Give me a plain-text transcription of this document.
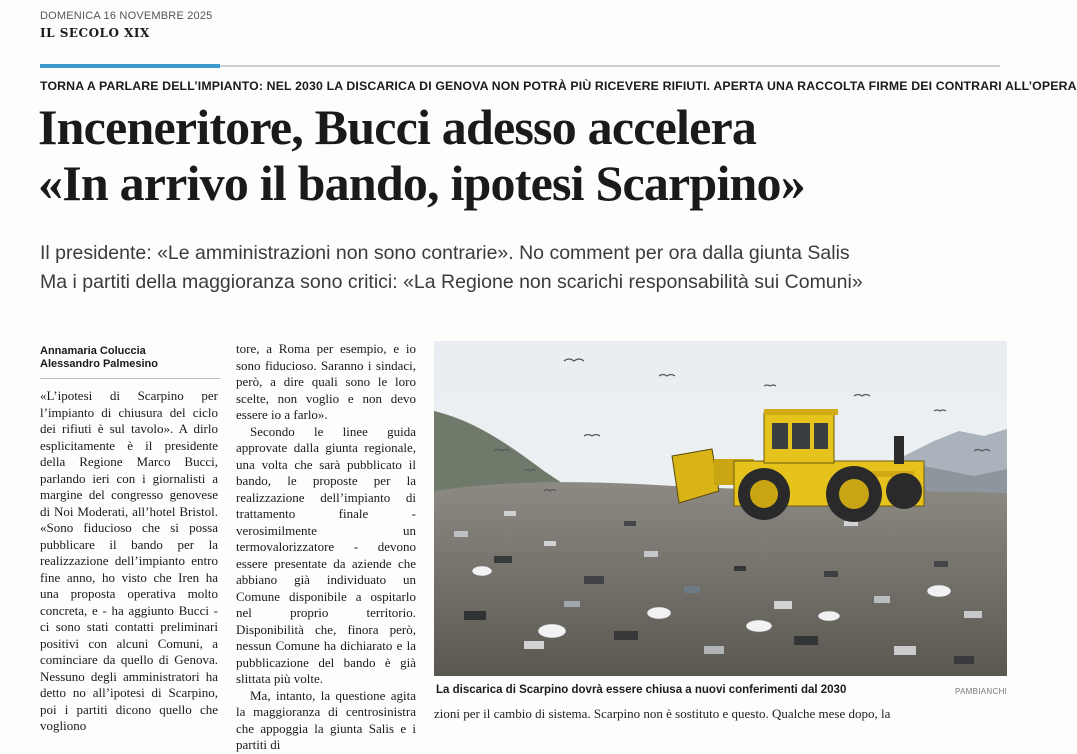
DOMENICA 16 NOVEMBRE 2025
IL SECOLO XIX
TORNA A PARLARE DELL’IMPIANTO: NEL 2030 LA DISCARICA DI GENOVA NON POTRÀ PIÙ RICEVERE RIFIUTI. APERTA UNA RACCOLTA FIRME DEI CONTRARI ALL’OPERA
Inceneritore, Bucci adesso accelera
«In arrivo il bando, ipotesi Scarpino»
Il presidente: «Le amministrazioni non sono contrarie». No comment per ora dalla giunta Salis
Ma i partiti della maggioranza sono critici: «La Regione non scarichi responsabilità sui Comuni»
Annamaria Coluccia
Alessandro Palmesino

«L’ipotesi di Scarpino per l’impianto di chiusura del ciclo dei rifiuti è sul tavolo». A dirlo esplicitamente è il presidente della Regione Marco Bucci, parlando ieri con i giornalisti a margine del congresso genovese di Noi Moderati, all’hotel Bristol. «Sono fiducioso che si possa pubblicare il bando per la realizzazione dell’impianto entro fine anno, ho visto che Iren ha una proposta operativa molto concreta, e - ha aggiunto Bucci - ci sono stati contatti preliminari positivi con alcuni Comuni, a cominciare da quello di Genova. Nessuno degli amministratori ha detto no all’ipotesi di Scarpino, poi i partiti dicono quello che vogliono

tore, a Roma per esempio, e io sono fiducioso. Saranno i sindaci, però, a dire quali sono le loro scelte, non voglio e non devo essere io a farlo».

Secondo le linee guida approvate dalla giunta regionale, una volta che sarà pubblicato il bando, le proposte per la realizzazione dell’impianto di trattamento finale - verosimilmente un termovalorizzatore - devono essere presentate da aziende che abbiano già individuato un Comune disponibile a ospitarlo nel proprio territorio. Disponibilità che, finora però, nessun Comune ha dichiarato e la pubblicazione del bando è già slittata più volte.

Ma, intanto, la questione agita la maggioranza di centrosinistra che appoggia la giunta Salis e i partiti di

La discarica di Scarpino dovrà essere chiusa a nuovi conferimenti dal 2030	PAMBIANCHI
zioni per il cambio di sistema. Scarpino non è sostituto e questo. Qualche mese dopo, la
